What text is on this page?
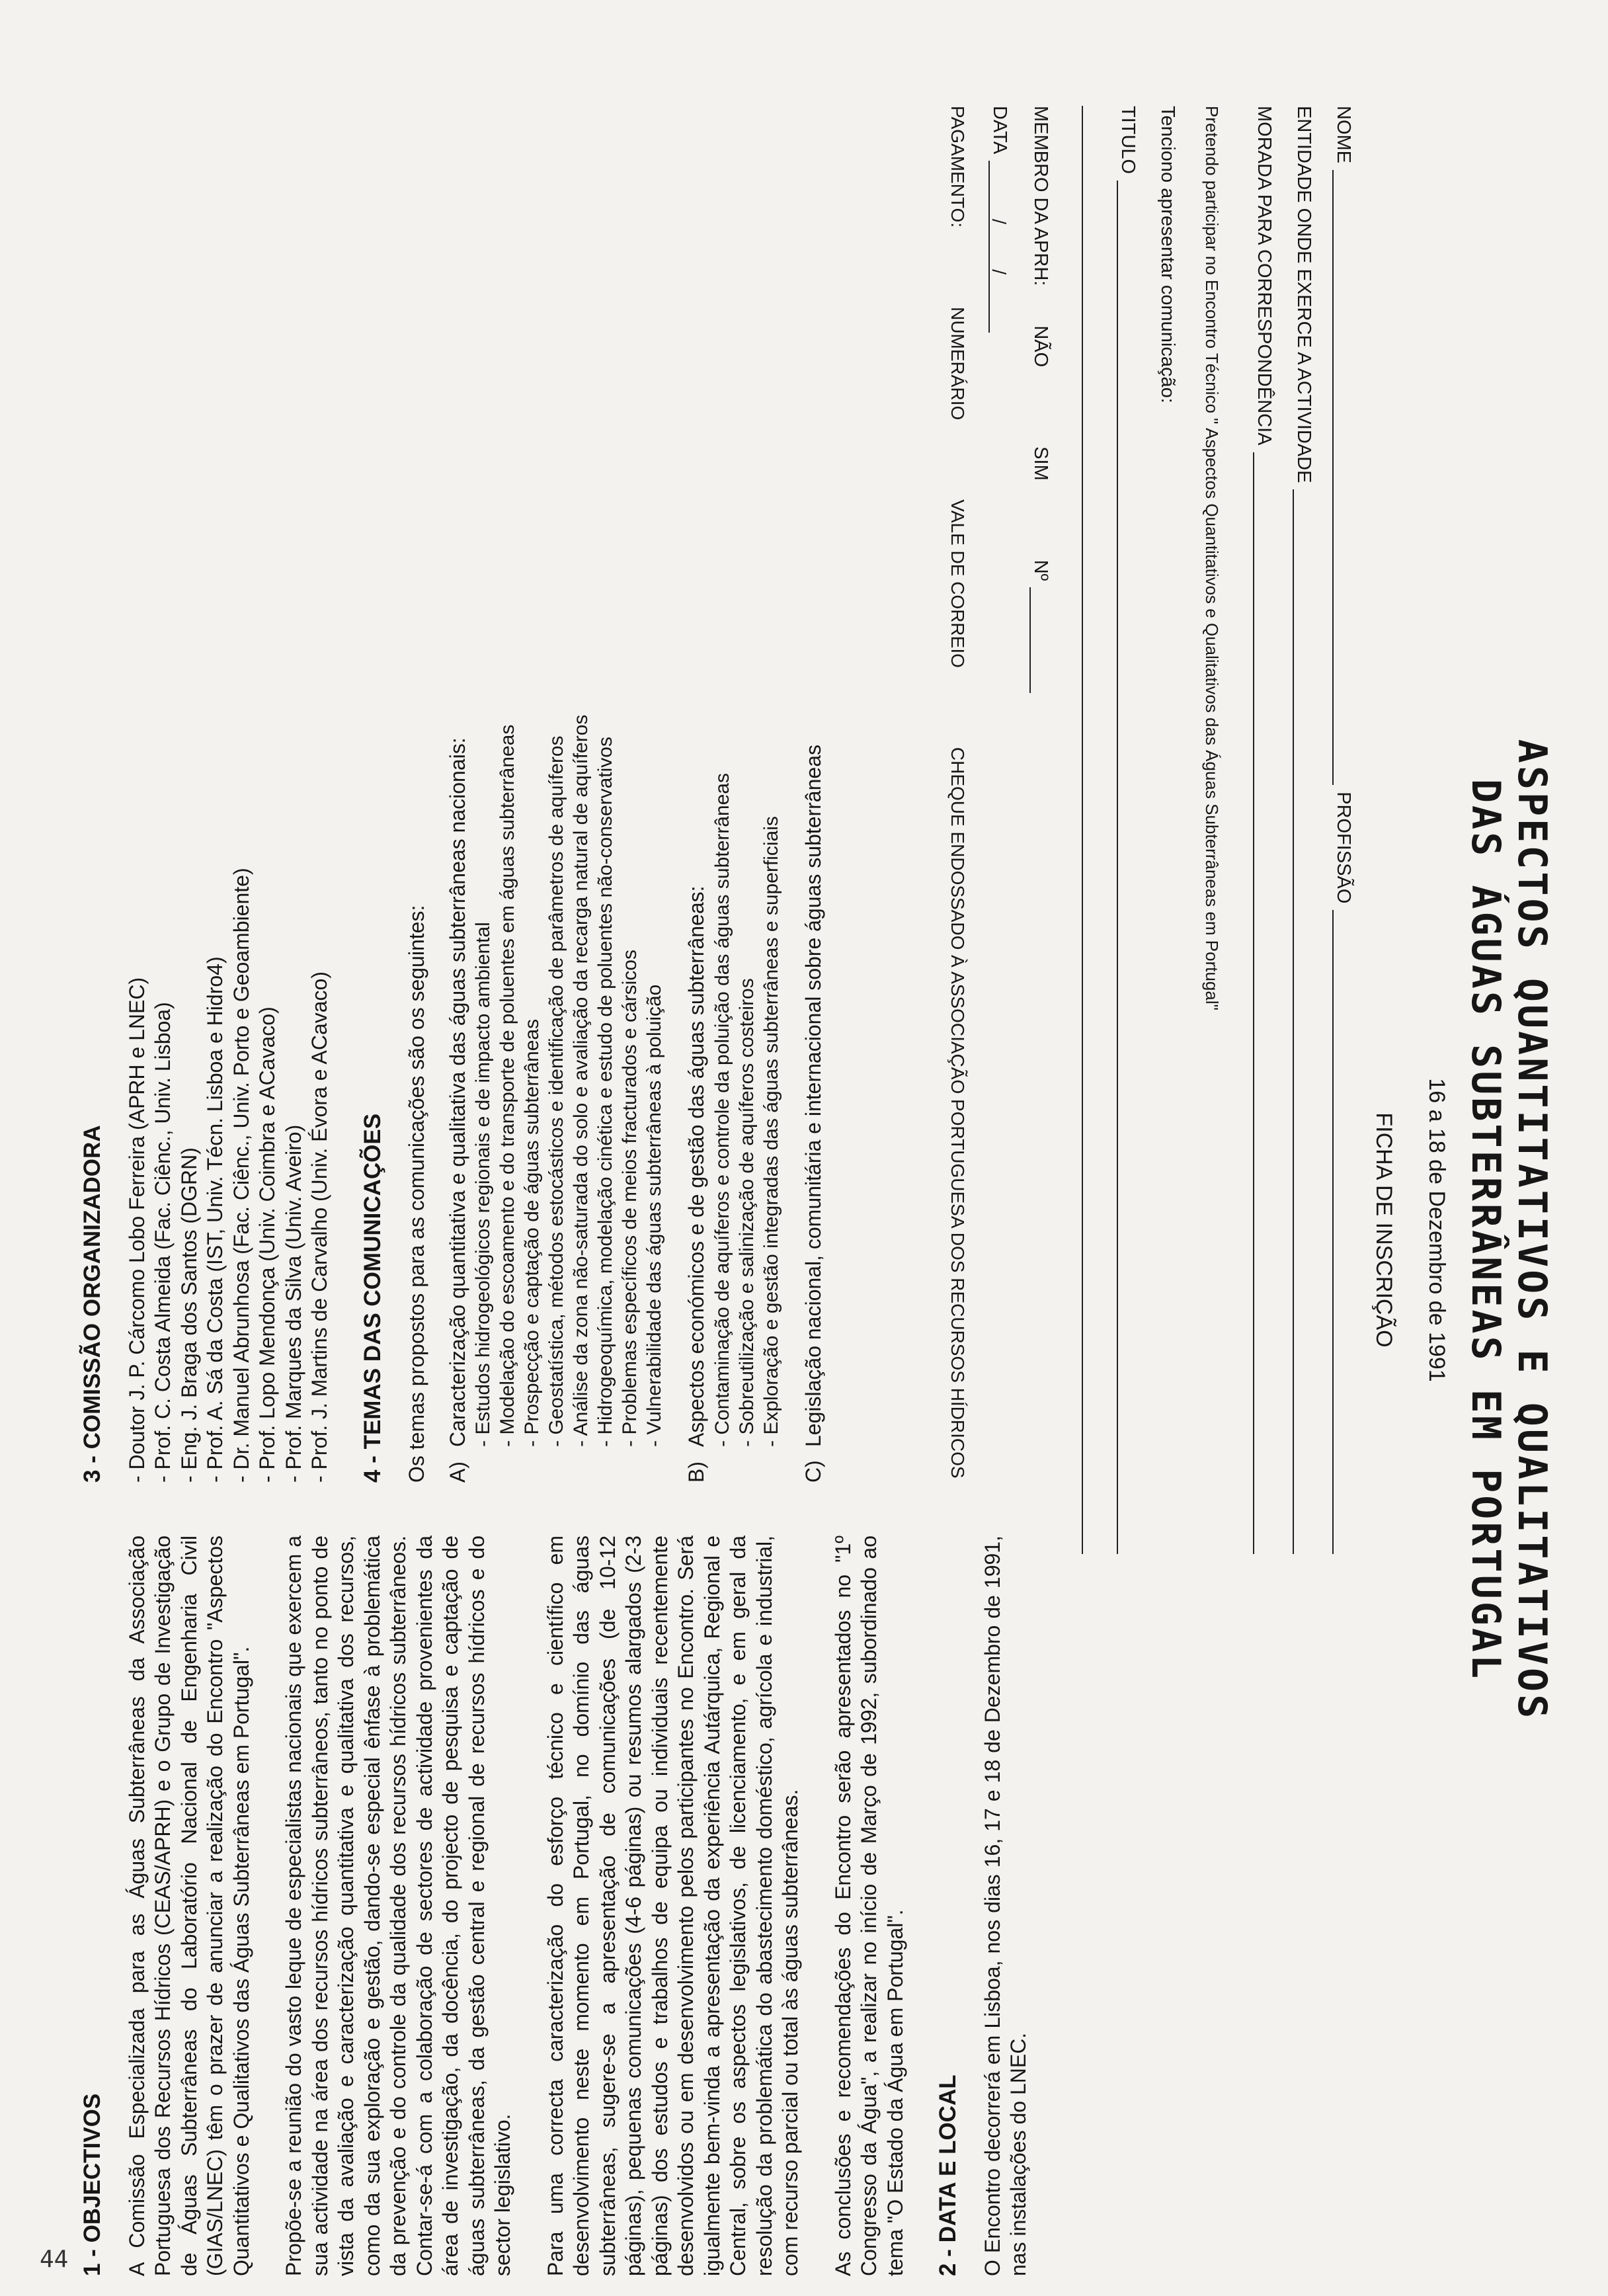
44 1 - OBJECTIVOS A Comissão Especializada para as Águas Subterrâneas da Associação Portuguesa dos Recursos Hídricos (CEAS/APRH) e o Grupo de Investigação de Águas Subterrâneas do Laboratório Nacional de Engenharia Civil (GIAS/LNEC) têm o prazer de anunciar a realização do Encontro "Aspectos Quantitativos e Qualitativos das Águas Subterrâneas em Portugal". Propõe-se a reunião do vasto leque de especialistas nacionais que exercem a sua actividade na área dos recursos hídricos subterrâneos, tanto no ponto de vista da avaliação e caracterização quantitativa e qualitativa dos recursos, como da sua exploração e gestão, dando-se especial ênfase à problemática da prevenção e do controle da qualidade dos recursos hídricos subterrâneos. Contar-se-á com a colaboração de sectores de actividade provenientes da área de investigação, da docência, do projecto de pesquisa e captação de águas subterrâneas, da gestão central e regional de recursos hídricos e do sector legislativo. Para uma correcta caracterização do esforço técnico e científico em desenvolvimento neste momento em Portugal, no domínio das águas subterrâneas, sugere-se a apresentação de comunicações (de 10-12 páginas), pequenas comunicações (4-6 páginas) ou resumos alargados (2-3 páginas) dos estudos e trabalhos de equipa ou individuais recentemente desenvolvidos ou em desenvolvimento pelos participantes no Encontro. Será igualmente bem-vinda a apresentação da experiência Autárquica, Regional e Central, sobre os aspectos legislativos, de licenciamento, e em geral da resolução da problemática do abastecimento doméstico, agrícola e industrial, com recurso parcial ou total às águas subterrâneas. As conclusões e recomendações do Encontro serão apresentados no "1º Congresso da Água", a realizar no início de Março de 1992, subordinado ao tema "O Estado da Água em Portugal". 2 - DATA E LOCAL O Encontro decorrerá em Lisboa, nos dias 16, 17 e 18 de Dezembro de 1991, nas instalações do LNEC.

3 - COMISSÃO ORGANIZADORA - Doutor J. P. Cárcomo Lobo Ferreira (APRH e LNEC) - Prof. C. Costa Almeida (Fac. Ciênc., Univ. Lisboa) - Eng. J. Braga dos Santos (DGRN) - Prof. A. Sá da Costa (IST, Univ. Técn. Lisboa e Hidro4) - Dr. Manuel Abrunhosa (Fac. Ciênc., Univ. Porto e Geoambiente) - Prof. Lopo Mendonça (Univ. Coimbra e ACavaco) - Prof. Marques da Silva (Univ. Aveiro) - Prof. J. Martins de Carvalho (Univ. Évora e ACavaco) 4 - TEMAS DAS COMUNICAÇÕES Os temas propostos para as comunicações são os seguintes: A)
Caracterização quantitativa e qualitativa das águas subterrâneas nacionais: - Estudos hidrogeológicos regionais e de impacto ambiental - Modelação do escoamento e do transporte de poluentes em águas subterrâneas - Prospecção e captação de águas subterrâneas - Geostatística, métodos estocásticos e identificação de parâmetros de aquíferos - Análise da zona não-saturada do solo e avaliação da recarga natural de aquíferos - Hidrogeoquímica, modelação cinética e estudo de poluentes não-conservativos - Problemas específicos de meios fracturados e cársicos - Vulnerabilidade das águas subterrâneas à poluição
B)
Aspectos económicos e de gestão das águas subterrâneas: - Contaminação de aquíferos e controle da poluição das águas subterrâneas - Sobreutilização e salinização de aquíferos costeiros - Exploração e gestão integradas das águas subterrâneas e superficiais
C)
Legislação nacional, comunitária e internacional sobre águas subterrâneas	ASPECTOS QUANTITATIVOS E QUALITATIVOS
DAS ÁGUAS SUBTERRÂNEAS EM PORTUGAL
16 a 18 de Dezembro de 1991
FICHA DE INSCRIÇÃO
NOME
PROFISSÃO
ENTIDADE ONDE EXERCE A ACTIVIDADE
MORADA PARA CORRESPONDÊNCIA
Pretendo participar no Encontro Técnico " Aspectos Quantitativos e Qualitativos das Águas Subterrâneas em Portugal"
Tenciono apresentar comunicação:
TITULO
MEMBRO DA APRH:
NÃO
SIM
Nº
DATA
/ /
PAGAMENTO:
NUMERÁRIO
VALE DE CORREIO
CHEQUE ENDOSSADO À ASSOCIAÇÃO PORTUGUESA DOS RECURSOS HÍDRICOS
